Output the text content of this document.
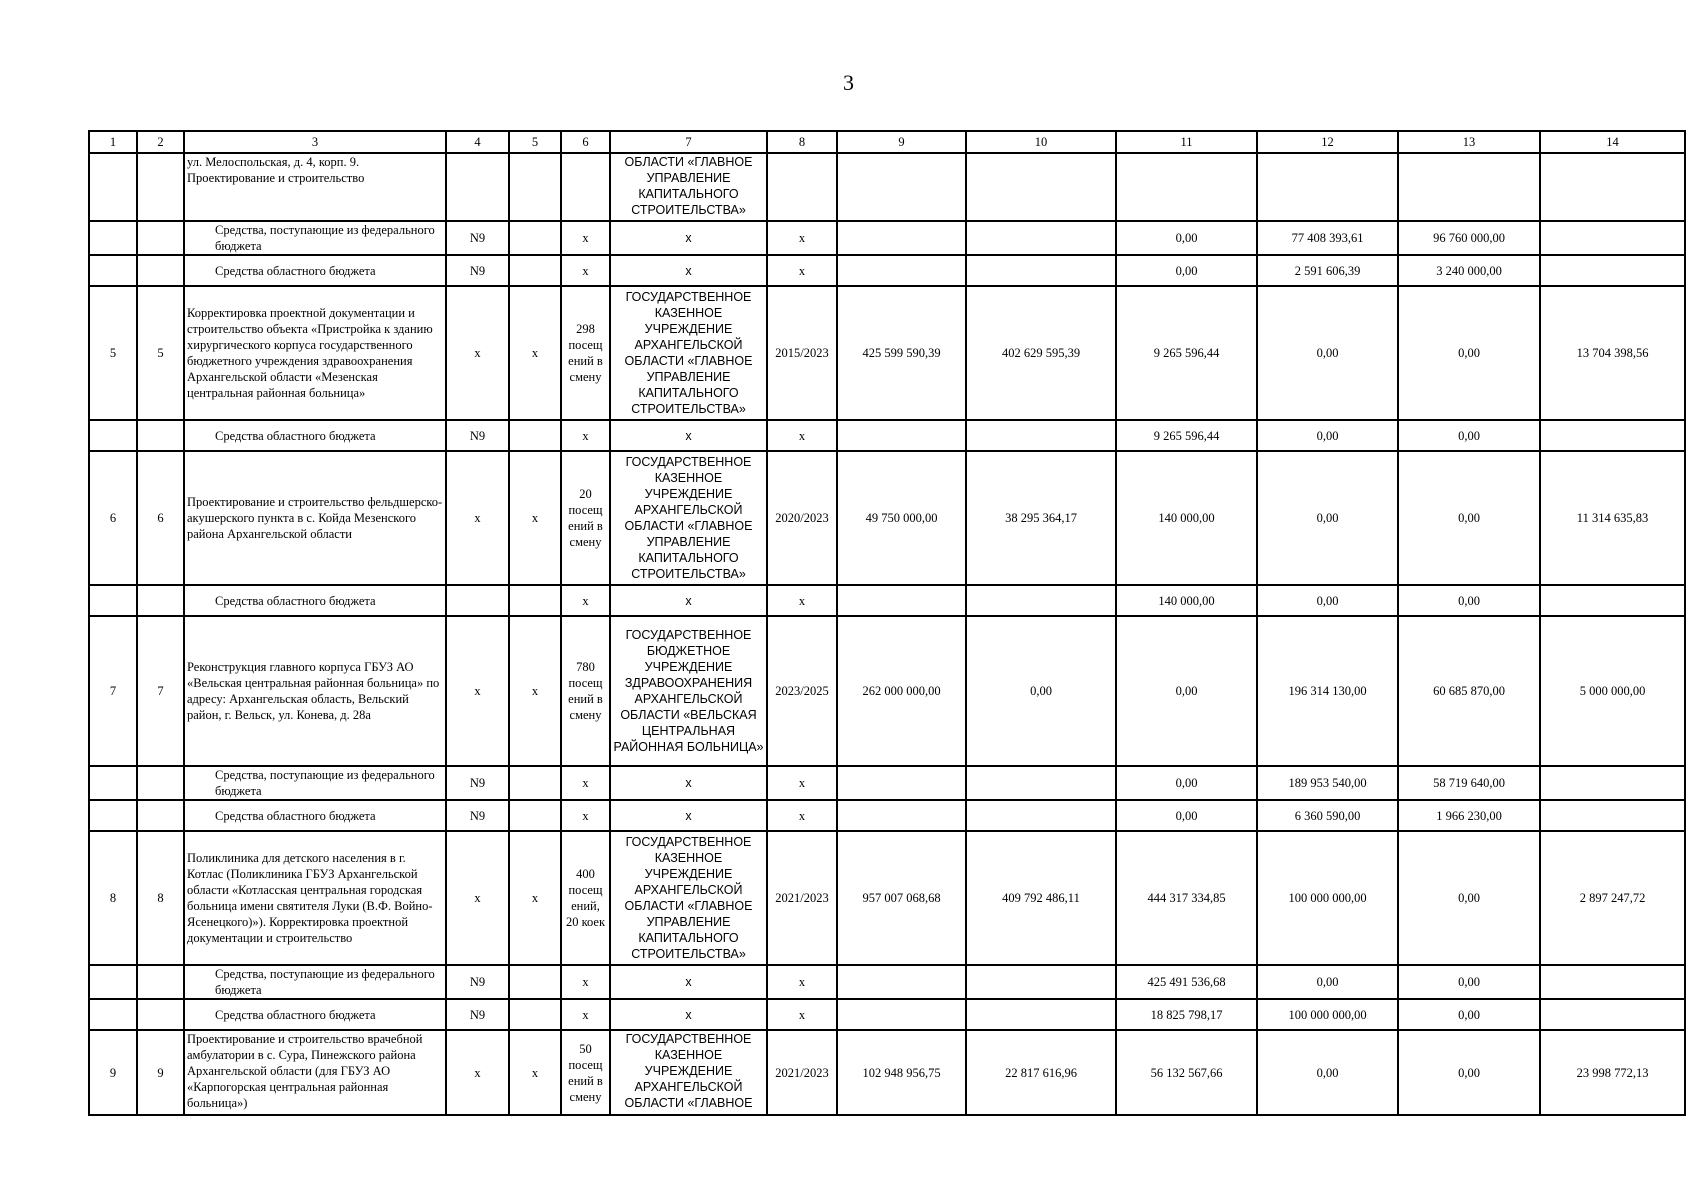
3
1	2	3	4	5	6	7	8	9	10	11	12	13	14
		ул. Мелоспольская, д. 4, корп. 9. Проектирование и строительство				ОБЛАСТИ «ГЛАВНОЕ УПРАВЛЕНИЕ КАПИТАЛЬНОГО СТРОИТЕЛЬСТВА»							
		Средства, поступающие из федерального бюджета	N9		x	x	x			0,00	77 408 393,61	96 760 000,00	
		Средства областного бюджета	N9		x	x	x			0,00	2 591 606,39	3 240 000,00	
5	5	Корректировка проектной документации и строительство объекта «Пристройка к зданию хирургического корпуса государственного бюджетного учреждения здравоохранения Архангельской области «Мезенская центральная районная больница»	x	x	298 посещ ений в смену	ГОСУДАРСТВЕННОЕ КАЗЕННОЕ УЧРЕЖДЕНИЕ АРХАНГЕЛЬСКОЙ ОБЛАСТИ «ГЛАВНОЕ УПРАВЛЕНИЕ КАПИТАЛЬНОГО СТРОИТЕЛЬСТВА»	2015/2023	425 599 590,39	402 629 595,39	9 265 596,44	0,00	0,00	13 704 398,56
		Средства областного бюджета	N9		x	x	x			9 265 596,44	0,00	0,00	
6	6	Проектирование и строительство фельдшерско-акушерского пункта в с. Койда Мезенского района Архангельской области	x	x	20 посещ ений в смену	ГОСУДАРСТВЕННОЕ КАЗЕННОЕ УЧРЕЖДЕНИЕ АРХАНГЕЛЬСКОЙ ОБЛАСТИ «ГЛАВНОЕ УПРАВЛЕНИЕ КАПИТАЛЬНОГО СТРОИТЕЛЬСТВА»	2020/2023	49 750 000,00	38 295 364,17	140 000,00	0,00	0,00	11 314 635,83
		Средства областного бюджета			x	x	x			140 000,00	0,00	0,00	
7	7	Реконструкция главного корпуса ГБУЗ АО «Вельская центральная районная больница» по адресу: Архангельская область, Вельский район, г. Вельск, ул. Конева, д. 28а	x	x	780 посещ ений в смену	ГОСУДАРСТВЕННОЕ БЮДЖЕТНОЕ УЧРЕЖДЕНИЕ ЗДРАВООХРАНЕНИЯ АРХАНГЕЛЬСКОЙ ОБЛАСТИ «ВЕЛЬСКАЯ ЦЕНТРАЛЬНАЯ РАЙОННАЯ БОЛЬНИЦА»	2023/2025	262 000 000,00	0,00	0,00	196 314 130,00	60 685 870,00	5 000 000,00
		Средства, поступающие из федерального бюджета	N9		x	x	x			0,00	189 953 540,00	58 719 640,00	
		Средства областного бюджета	N9		x	x	x			0,00	6 360 590,00	1 966 230,00	
8	8	Поликлиника для детского населения в г. Котлас (Поликлиника ГБУЗ Архангельской области «Котласская центральная городская больница имени святителя Луки (В.Ф. Войно-Ясенецкого)»). Корректировка проектной документации и строительство	x	x	400 посещ ений, 20 коек	ГОСУДАРСТВЕННОЕ КАЗЕННОЕ УЧРЕЖДЕНИЕ АРХАНГЕЛЬСКОЙ ОБЛАСТИ «ГЛАВНОЕ УПРАВЛЕНИЕ КАПИТАЛЬНОГО СТРОИТЕЛЬСТВА»	2021/2023	957 007 068,68	409 792 486,11	444 317 334,85	100 000 000,00	0,00	2 897 247,72
		Средства, поступающие из федерального бюджета	N9		x	x	x			425 491 536,68	0,00	0,00	
		Средства областного бюджета	N9		x	x	x			18 825 798,17	100 000 000,00	0,00	
9	9	Проектирование и строительство врачебной амбулатории в с. Сура, Пинежского района Архангельской области (для ГБУЗ АО «Карпогорская центральная районная больница»)	x	x	50 посещ ений в смену	ГОСУДАРСТВЕННОЕ КАЗЕННОЕ УЧРЕЖДЕНИЕ АРХАНГЕЛЬСКОЙ ОБЛАСТИ «ГЛАВНОЕ	2021/2023	102 948 956,75	22 817 616,96	56 132 567,66	0,00	0,00	23 998 772,13
